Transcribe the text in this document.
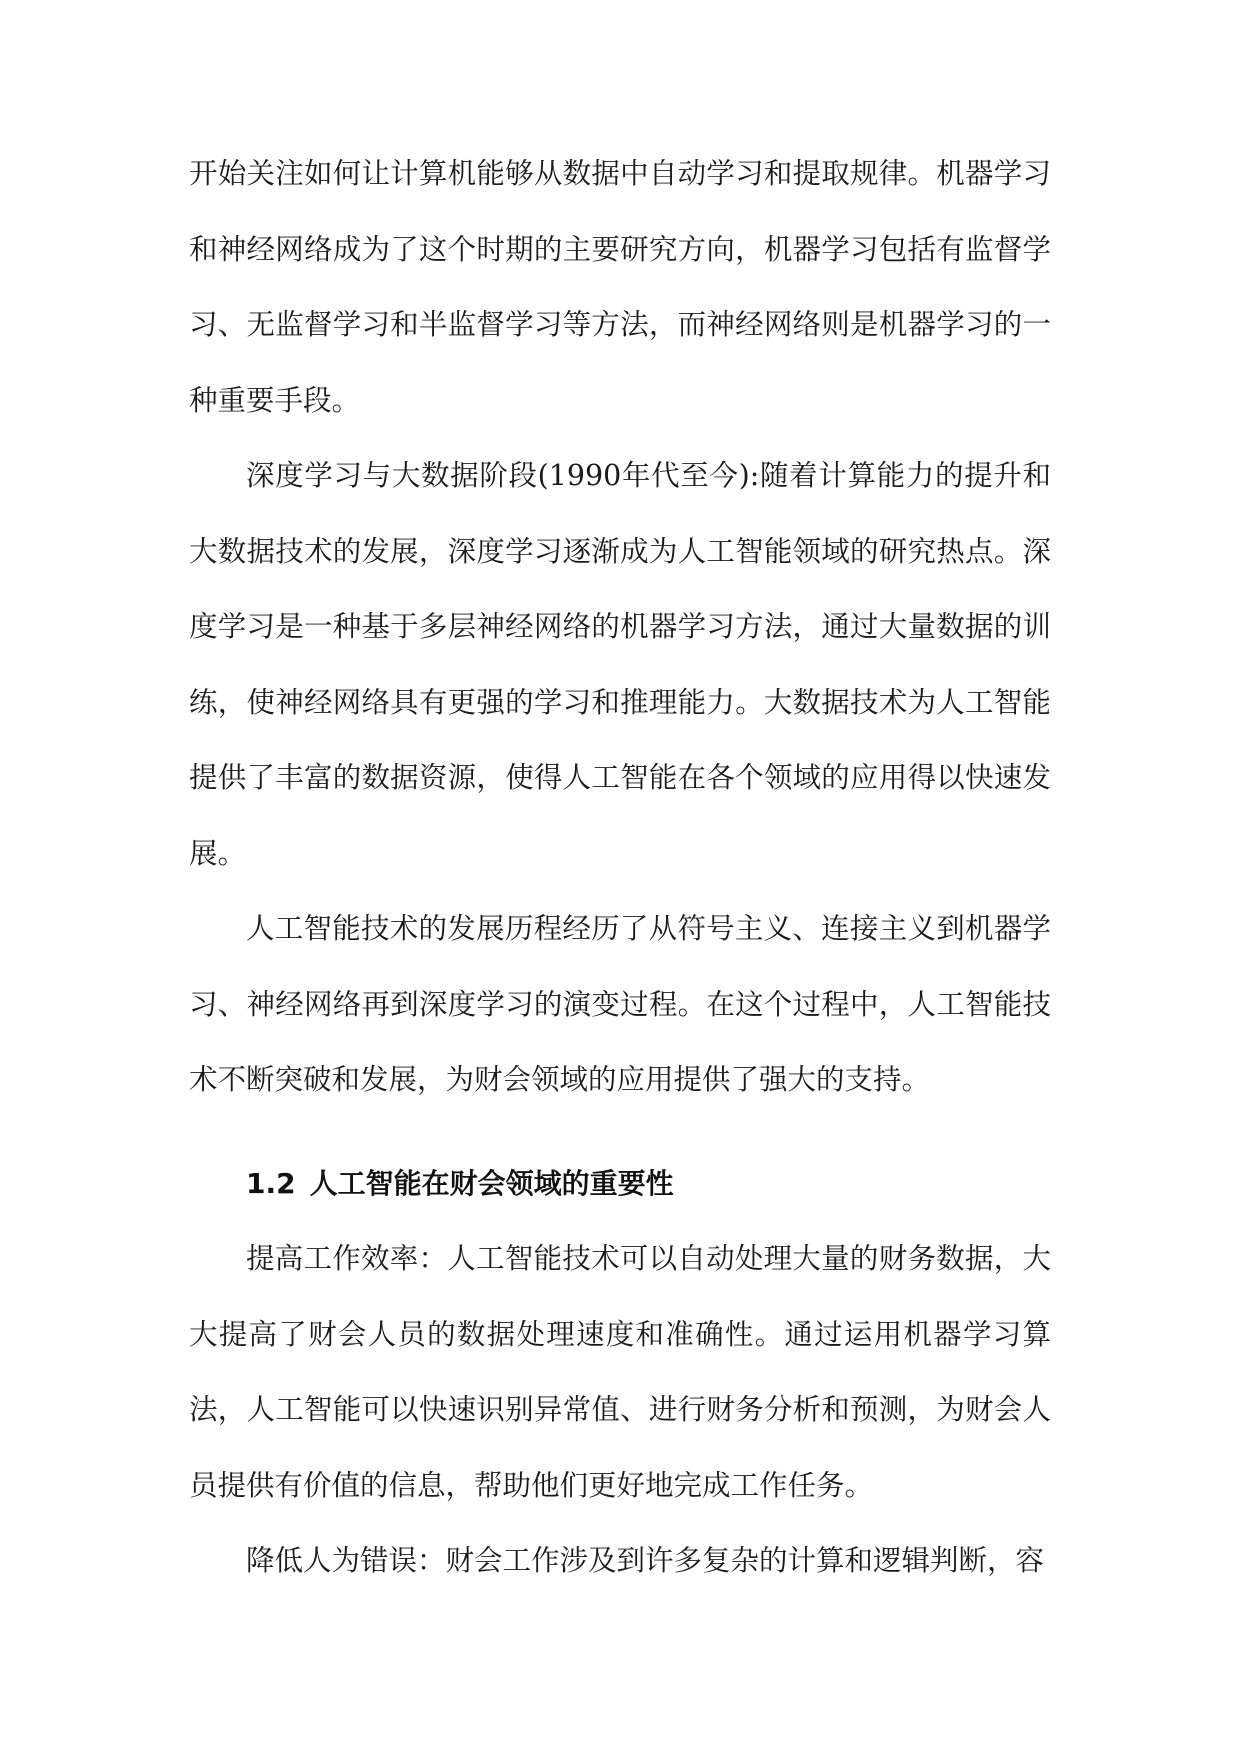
开始关注如何让计算机能够从数据中自动学习和提取规律。机器学习和神经网络成为了这个时期的主要研究方向，机器学习包括有监督学习、无监督学习和半监督学习等方法，而神经网络则是机器学习的一种重要手段。

深度学习与大数据阶段(1990年代至今):随着计算能力的提升和大数据技术的发展，深度学习逐渐成为人工智能领域的研究热点。深度学习是一种基于多层神经网络的机器学习方法，通过大量数据的训练，使神经网络具有更强的学习和推理能力。大数据技术为人工智能提供了丰富的数据资源，使得人工智能在各个领域的应用得以快速发展。

人工智能技术的发展历程经历了从符号主义、连接主义到机器学习、神经网络再到深度学习的演变过程。在这个过程中，人工智能技术不断突破和发展，为财会领域的应用提供了强大的支持。

1.2 人工智能在财会领域的重要性

提高工作效率：人工智能技术可以自动处理大量的财务数据，大大提高了财会人员的数据处理速度和准确性。通过运用机器学习算法，人工智能可以快速识别异常值、进行财务分析和预测，为财会人员提供有价值的信息，帮助他们更好地完成工作任务。

降低人为错误：财会工作涉及到许多复杂的计算和逻辑判断，容
